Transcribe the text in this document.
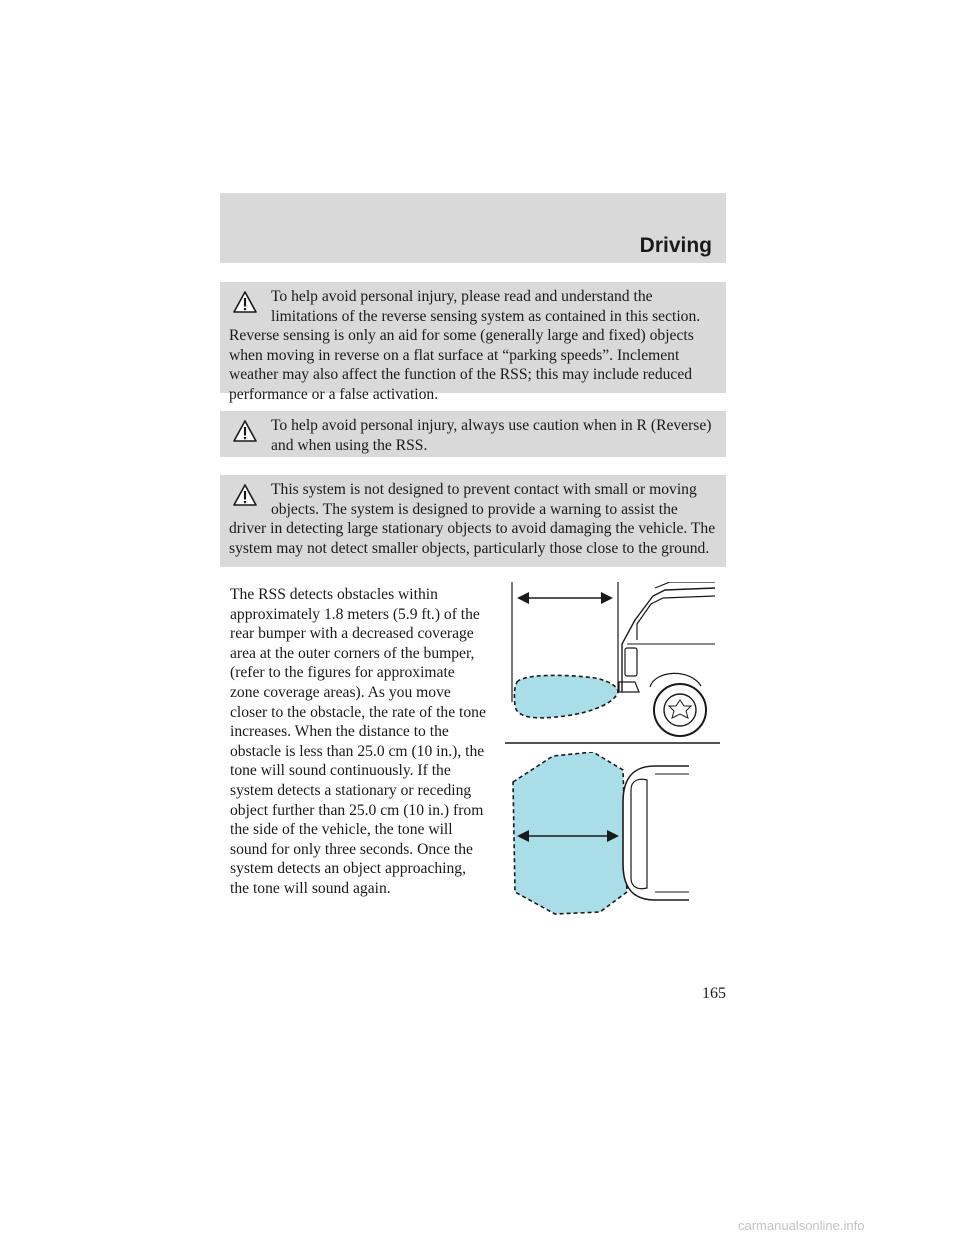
Driving

To help avoid personal injury, please read and understand the limitations of the reverse sensing system as contained in this section. Reverse sensing is only an aid for some (generally large and fixed) objects when moving in reverse on a flat surface at “parking speeds”. Inclement weather may also affect the function of the RSS; this may include reduced performance or a false activation.

To help avoid personal injury, always use caution when in R (Reverse) and when using the RSS.

This system is not designed to prevent contact with small or moving objects. The system is designed to provide a warning to assist the driver in detecting large stationary objects to avoid damaging the vehicle. The system may not detect smaller objects, particularly those close to the ground.

The RSS detects obstacles within approximately 1.8 meters (5.9 ft.) of the rear bumper with a decreased coverage area at the outer corners of the bumper, (refer to the figures for approximate zone coverage areas). As you move closer to the obstacle, the rate of the tone increases. When the distance to the obstacle is less than 25.0 cm (10 in.), the tone will sound continuously. If the system detects a stationary or receding object further than 25.0 cm (10 in.) from the side of the vehicle, the tone will sound for only three seconds. Once the system detects an object approaching, the tone will sound again.

165
carmanualsonline.info
